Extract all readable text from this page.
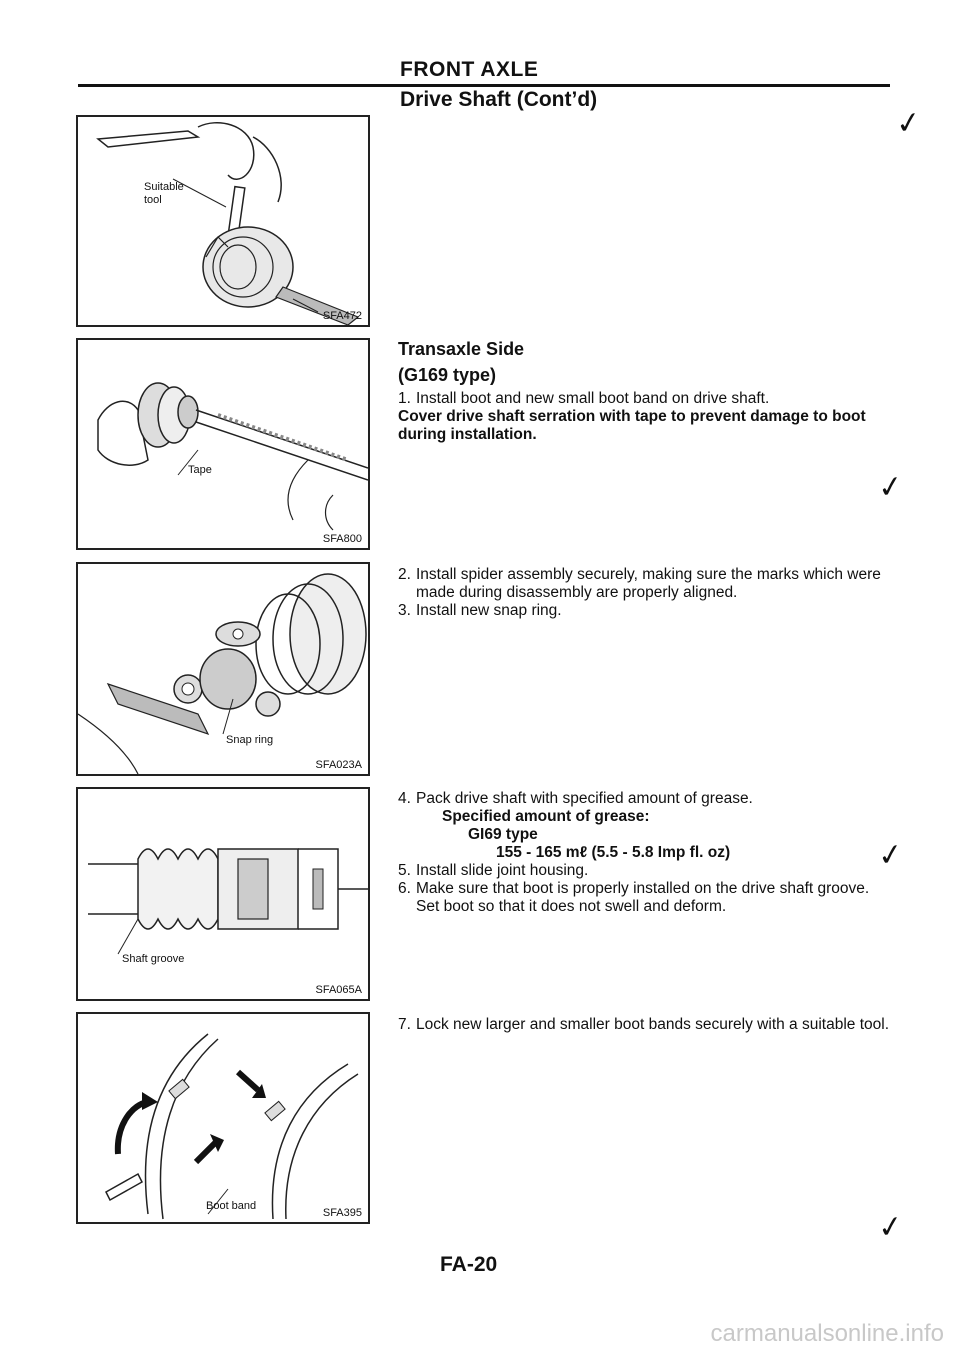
FRONT AXLE
Drive Shaft (Cont’d)
Suitable
tool
SFA472
Tape
SFA800
Snap ring
SFA023A
Shaft groove
SFA065A
Boot band
SFA395
Transaxle Side
(G169 type)
1. Install boot and new small boot band on drive shaft.
Cover drive shaft serration with tape to prevent damage to boot during installation.
2. Install spider assembly securely, making sure the marks which were made during disassembly are properly aligned.
3. Install new snap ring.
4. Pack drive shaft with specified amount of grease.
Specified amount of grease:
GI69 type
155 - 165 mℓ (5.5 - 5.8 Imp fl. oz)
5. Install slide joint housing.
6. Make sure that boot is properly installed on the drive shaft groove.
Set boot so that it does not swell and deform.
7. Lock new larger and smaller boot bands securely with a suitable tool.
✓
✓
✓
✓
FA-20
carmanualsonline.info
